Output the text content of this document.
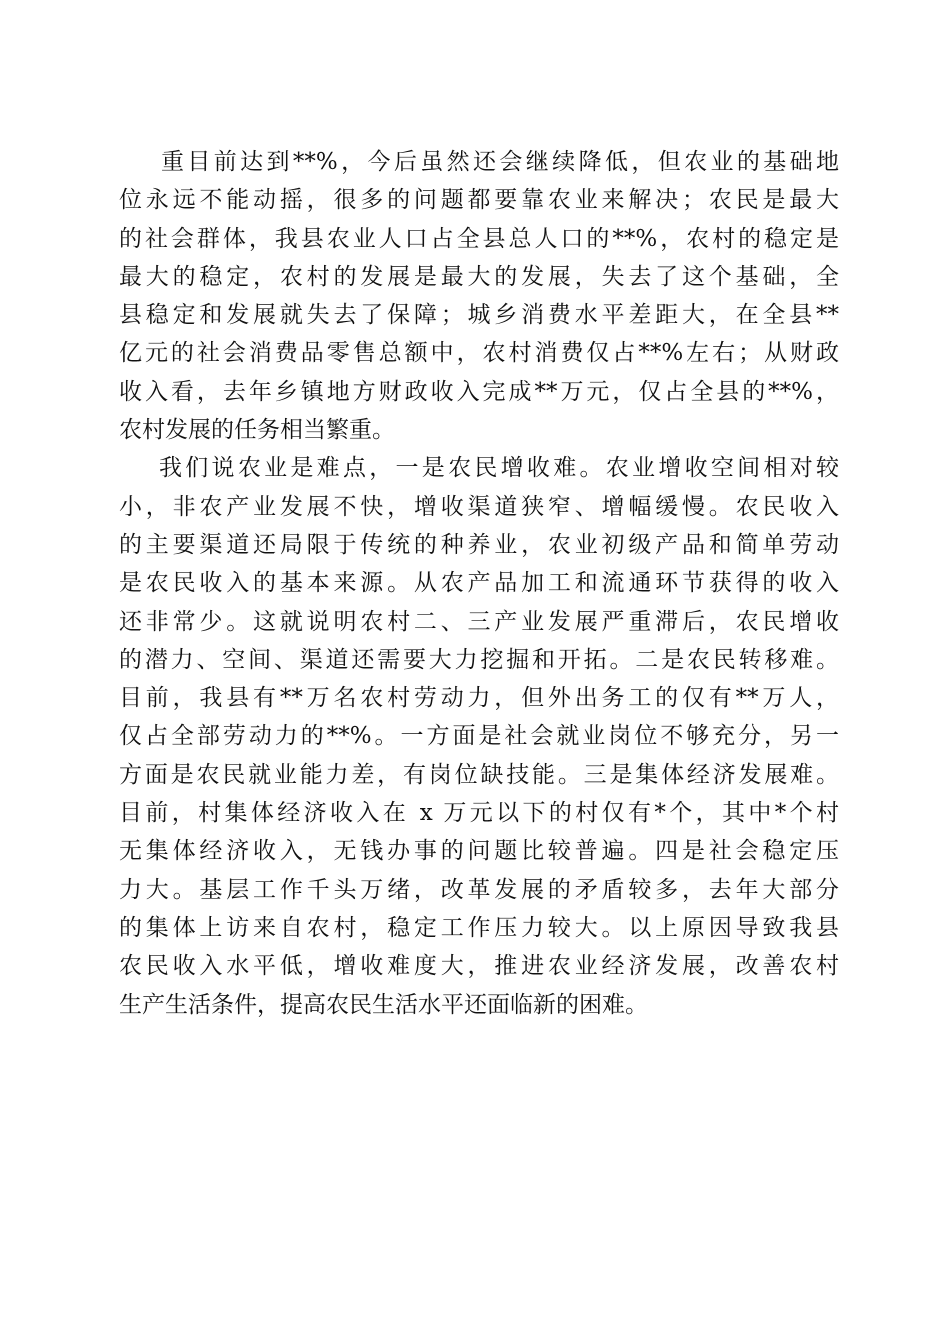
重目前达到**%，今后虽然还会继续降低，但农业的基础地
位永远不能动摇，很多的问题都要靠农业来解决；农民是最大
的社会群体，我县农业人口占全县总人口的**%，农村的稳定是
最大的稳定，农村的发展是最大的发展，失去了这个基础，全
县稳定和发展就失去了保障；城乡消费水平差距大，在全县**
亿元的社会消费品零售总额中，农村消费仅占**%左右；从财政
收入看，去年乡镇地方财政收入完成**万元，仅占全县的**%，
农村发展的任务相当繁重。
我们说农业是难点，一是农民增收难。农业增收空间相对较
小，非农产业发展不快，增收渠道狭窄、增幅缓慢。农民收入
的主要渠道还局限于传统的种养业，农业初级产品和简单劳动
是农民收入的基本来源。从农产品加工和流通环节获得的收入
还非常少。这就说明农村二、三产业发展严重滞后，农民增收
的潜力、空间、渠道还需要大力挖掘和开拓。二是农民转移难。
目前，我县有**万名农村劳动力，但外出务工的仅有**万人，
仅占全部劳动力的**%。一方面是社会就业岗位不够充分，另一
方面是农民就业能力差，有岗位缺技能。三是集体经济发展难。
目前，村集体经济收入在 x 万元以下的村仅有*个，其中*个村
无集体经济收入，无钱办事的问题比较普遍。四是社会稳定压
力大。基层工作千头万绪，改革发展的矛盾较多，去年大部分
的集体上访来自农村，稳定工作压力较大。以上原因导致我县
农民收入水平低，增收难度大，推进农业经济发展，改善农村
生产生活条件，提高农民生活水平还面临新的困难。
